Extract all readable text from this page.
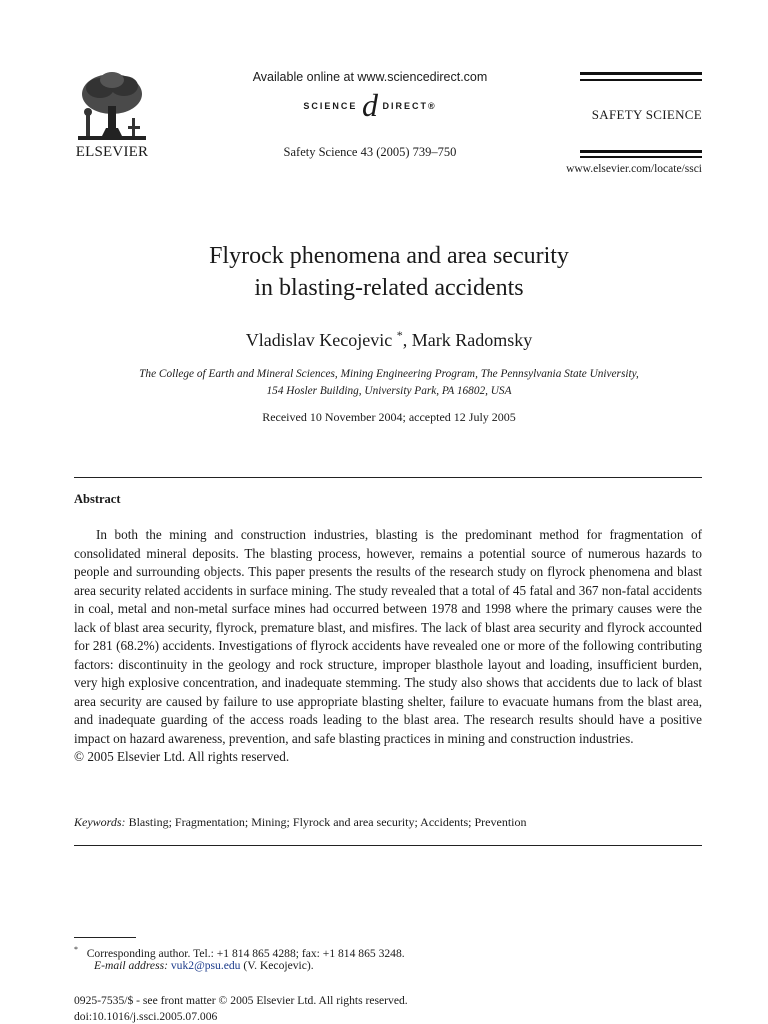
ELSEVIER
Available online at www.sciencedirect.com
SCIENCE d DIRECT®
Safety Science 43 (2005) 739–750
SAFETY SCIENCE
www.elsevier.com/locate/ssci
Flyrock phenomena and area security
in blasting-related accidents
Vladislav Kecojevic *, Mark Radomsky
The College of Earth and Mineral Sciences, Mining Engineering Program, The Pennsylvania State University,
154 Hosler Building, University Park, PA 16802, USA
Received 10 November 2004; accepted 12 July 2005
Abstract

In both the mining and construction industries, blasting is the predominant method for fragmentation of consolidated mineral deposits. The blasting process, however, remains a potential source of numerous hazards to people and surrounding objects. This paper presents the results of the research study on flyrock phenomena and blast area security related accidents in surface mining. The study revealed that a total of 45 fatal and 367 non-fatal accidents in coal, metal and non-metal surface mines had occurred between 1978 and 1998 where the primary causes were the lack of blast area security, flyrock, premature blast, and misfires. The lack of blast area security and flyrock accounted for 281 (68.2%) accidents. Investigations of flyrock accidents have revealed one or more of the following contributing factors: discontinuity in the geology and rock structure, improper blasthole layout and loading, insufficient burden, very high explosive concentration, and inadequate stemming. The study also shows that accidents due to lack of blast area security are caused by failure to use appropriate blasting shelter, failure to evacuate humans from the blast area, and inadequate guarding of the access roads leading to the blast area. The research results should have a positive impact on hazard awareness, prevention, and safe blasting practices in mining and construction industries.
© 2005 Elsevier Ltd. All rights reserved.

Keywords: Blasting; Fragmentation; Mining; Flyrock and area security; Accidents; Prevention
* Corresponding author. Tel.: +1 814 865 4288; fax: +1 814 865 3248.
E-mail address: vuk2@psu.edu (V. Kecojevic).
0925-7535/$ - see front matter © 2005 Elsevier Ltd. All rights reserved.
doi:10.1016/j.ssci.2005.07.006
